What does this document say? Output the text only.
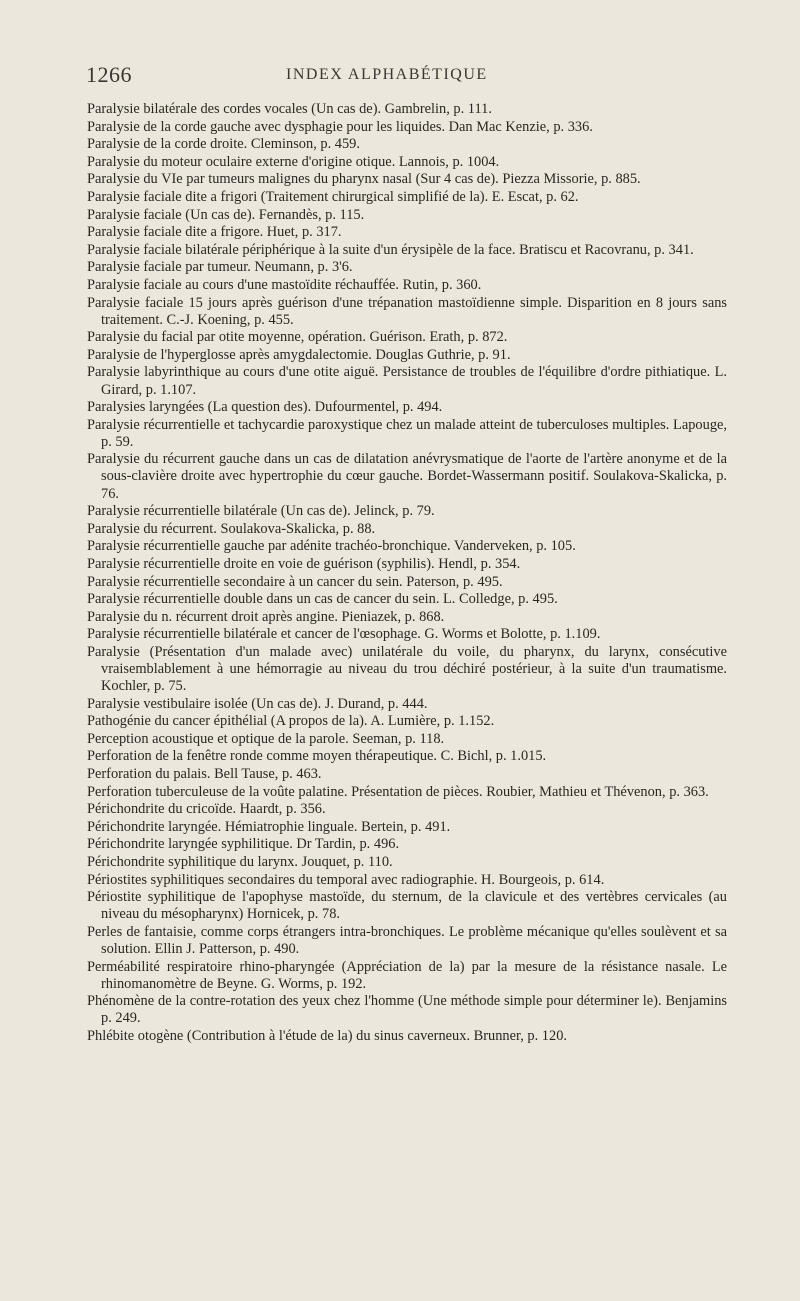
1266	INDEX ALPHABÉTIQUE

Paralysie bilatérale des cordes vocales (Un cas de). Gambrelin, p. 111.

Paralysie de la corde gauche avec dysphagie pour les liquides. Dan Mac Kenzie, p. 336.

Paralysie de la corde droite. Cleminson, p. 459.

Paralysie du moteur oculaire externe d'origine otique. Lannois, p. 1004.

Paralysie du VIe par tumeurs malignes du pharynx nasal (Sur 4 cas de). Piezza Missorie, p. 885.

Paralysie faciale dite a frigori (Traitement chirurgical simplifié de la). E. Escat, p. 62.

Paralysie faciale (Un cas de). Fernandès, p. 115.

Paralysie faciale dite a frigore. Huet, p. 317.

Paralysie faciale bilatérale périphérique à la suite d'un érysipèle de la face. Bratiscu et Racovranu, p. 341.

Paralysie faciale par tumeur. Neumann, p. 3'6.

Paralysie faciale au cours d'une mastoïdite réchauffée. Rutin, p. 360.

Paralysie faciale 15 jours après guérison d'une trépanation mastoïdienne simple. Disparition en 8 jours sans traitement. C.-J. Koening, p. 455.

Paralysie du facial par otite moyenne, opération. Guérison. Erath, p. 872.

Paralysie de l'hyperglosse après amygdalectomie. Douglas Guthrie, p. 91.

Paralysie labyrinthique au cours d'une otite aiguë. Persistance de troubles de l'équilibre d'ordre pithiatique. L. Girard, p. 1.107.

Paralysies laryngées (La question des). Dufourmentel, p. 494.

Paralysie récurrentielle et tachycardie paroxystique chez un malade atteint de tuberculoses multiples. Lapouge, p. 59.

Paralysie du récurrent gauche dans un cas de dilatation anévrysmatique de l'aorte de l'artère anonyme et de la sous-clavière droite avec hypertrophie du cœur gauche. Bordet-Wassermann positif. Soulakova-Skalicka, p. 76.

Paralysie récurrentielle bilatérale (Un cas de). Jelinck, p. 79.

Paralysie du récurrent. Soulakova-Skalicka, p. 88.

Paralysie récurrentielle gauche par adénite trachéo-bronchique. Vanderveken, p. 105.

Paralysie récurrentielle droite en voie de guérison (syphilis). Hendl, p. 354.

Paralysie récurrentielle secondaire à un cancer du sein. Paterson, p. 495.

Paralysie récurrentielle double dans un cas de cancer du sein. L. Colledge, p. 495.

Paralysie du n. récurrent droit après angine. Pieniazek, p. 868.

Paralysie récurrentielle bilatérale et cancer de l'œsophage. G. Worms et Bolotte, p. 1.109.

Paralysie (Présentation d'un malade avec) unilatérale du voile, du pharynx, du larynx, consécutive vraisemblablement à une hémorragie au niveau du trou déchiré postérieur, à la suite d'un traumatisme. Kochler, p. 75.

Paralysie vestibulaire isolée (Un cas de). J. Durand, p. 444.

Pathogénie du cancer épithélial (A propos de la). A. Lumière, p. 1.152.

Perception acoustique et optique de la parole. Seeman, p. 118.

Perforation de la fenêtre ronde comme moyen thérapeutique. C. Bichl, p. 1.015.

Perforation du palais. Bell Tause, p. 463.

Perforation tuberculeuse de la voûte palatine. Présentation de pièces. Roubier, Mathieu et Thévenon, p. 363.

Périchondrite du cricoïde. Haardt, p. 356.

Périchondrite laryngée. Hémiatrophie linguale. Bertein, p. 491.

Périchondrite laryngée syphilitique. Dr Tardin, p. 496.

Périchondrite syphilitique du larynx. Jouquet, p. 110.

Périostites syphilitiques secondaires du temporal avec radiographie. H. Bourgeois, p. 614.

Périostite syphilitique de l'apophyse mastoïde, du sternum, de la clavicule et des vertèbres cervicales (au niveau du mésopharynx) Hornicek, p. 78.

Perles de fantaisie, comme corps étrangers intra-bronchiques. Le problème mécanique qu'elles soulèvent et sa solution. Ellin J. Patterson, p. 490.

Perméabilité respiratoire rhino-pharyngée (Appréciation de la) par la mesure de la résistance nasale. Le rhinomanomètre de Beyne. G. Worms, p. 192.

Phénomène de la contre-rotation des yeux chez l'homme (Une méthode simple pour déterminer le). Benjamins p. 249.

Phlébite otogène (Contribution à l'étude de la) du sinus caverneux. Brunner, p. 120.
